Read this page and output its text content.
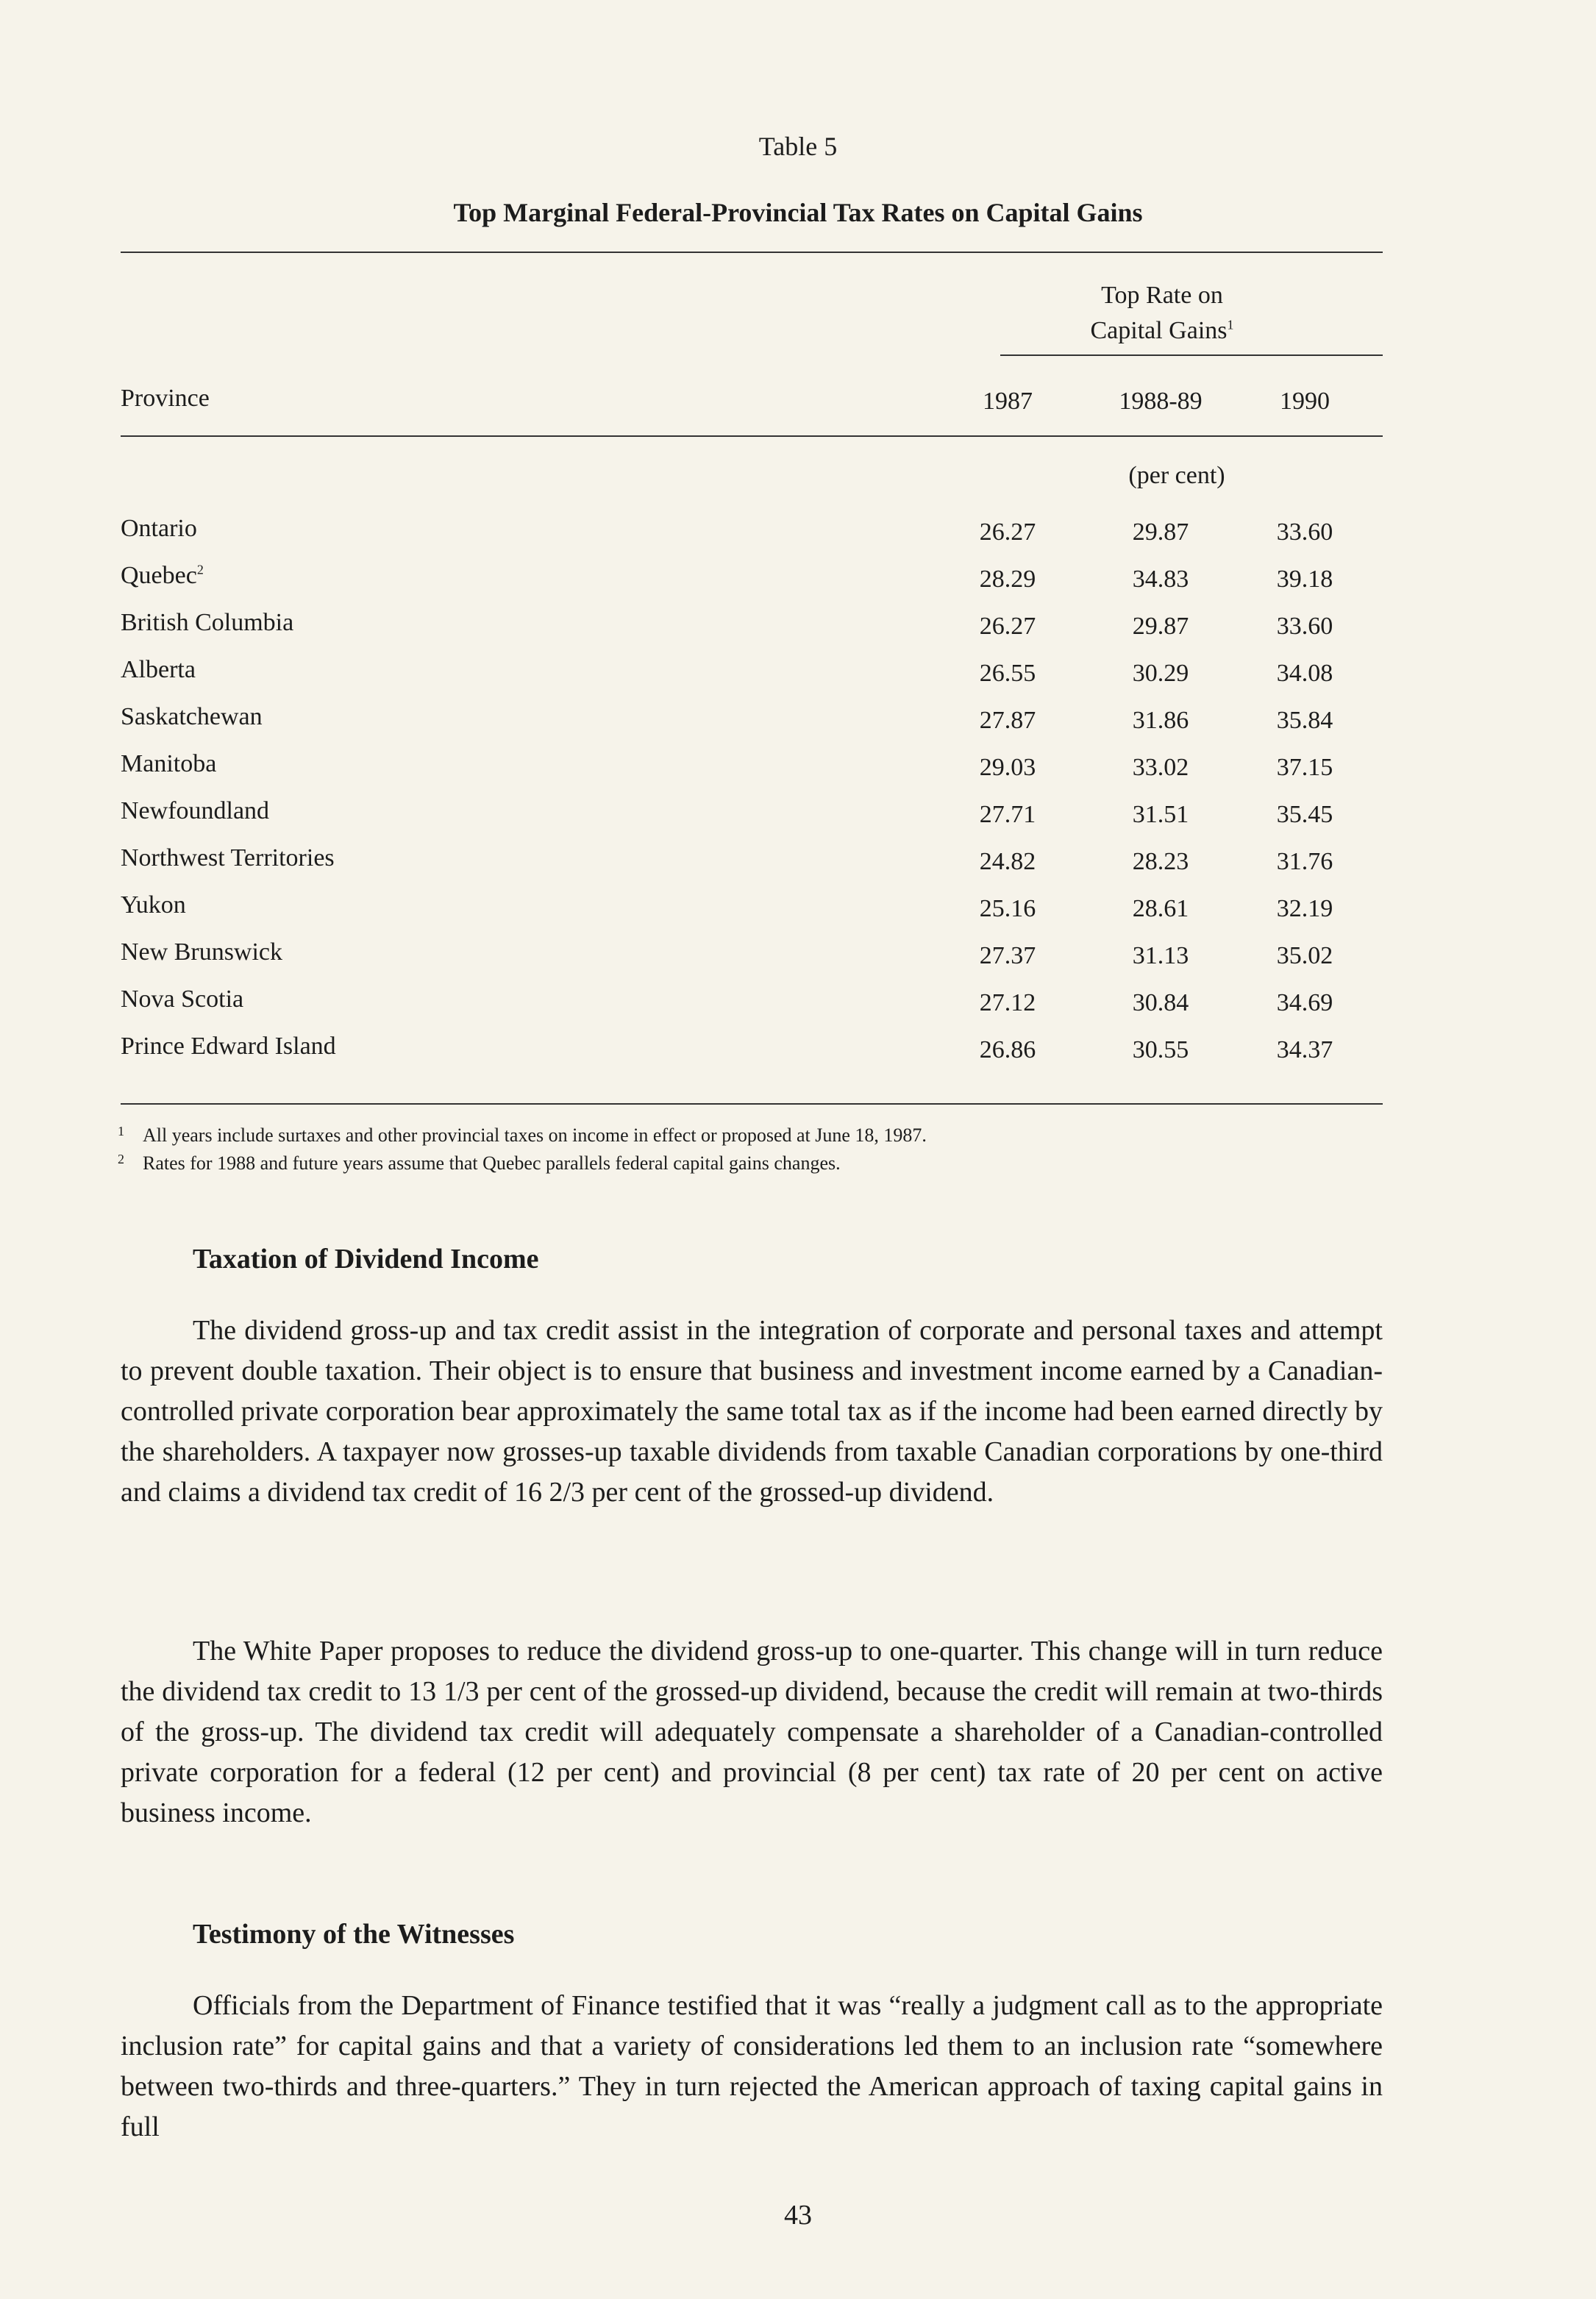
Table 5
Top Marginal Federal-Provincial Tax Rates on Capital Gains
Top Rate on
Capital Gains$^1$
Province	1987	1988-89	1990
(per cent)
Ontario	26.27	29.87	33.60
Quebec$^2$	28.29	34.83	39.18
British Columbia	26.27	29.87	33.60
Alberta	26.55	30.29	34.08
Saskatchewan	27.87	31.86	35.84
Manitoba	29.03	33.02	37.15
Newfoundland	27.71	31.51	35.45
Northwest Territories	24.82	28.23	31.76
Yukon	25.16	28.61	32.19
New Brunswick	27.37	31.13	35.02
Nova Scotia	27.12	30.84	34.69
Prince Edward Island	26.86	30.55	34.37
1 All years include surtaxes and other provincial taxes on income in effect or proposed at June 18, 1987.
2 Rates for 1988 and future years assume that Quebec parallels federal capital gains changes.
Taxation of Dividend Income

The dividend gross-up and tax credit assist in the integration of corporate and personal taxes and attempt to prevent double taxation. Their object is to ensure that business and investment income earned by a Canadian-controlled private corporation bear approximately the same total tax as if the income had been earned directly by the shareholders. A taxpayer now grosses-up taxable dividends from taxable Canadian corporations by one-third and claims a dividend tax credit of 16 2/3 per cent of the grossed-up dividend.

The White Paper proposes to reduce the dividend gross-up to one-quarter. This change will in turn reduce the dividend tax credit to 13 1/3 per cent of the grossed-up dividend, because the credit will remain at two-thirds of the gross-up. The dividend tax credit will adequately compensate a shareholder of a Canadian-controlled private corporation for a federal (12 per cent) and provincial (8 per cent) tax rate of 20 per cent on active business income.

Testimony of the Witnesses

Officials from the Department of Finance testified that it was “really a judgment call as to the appropriate inclusion rate” for capital gains and that a variety of considerations led them to an inclusion rate “somewhere between two-thirds and three-quarters.” They in turn rejected the American approach of taxing capital gains in full

43
